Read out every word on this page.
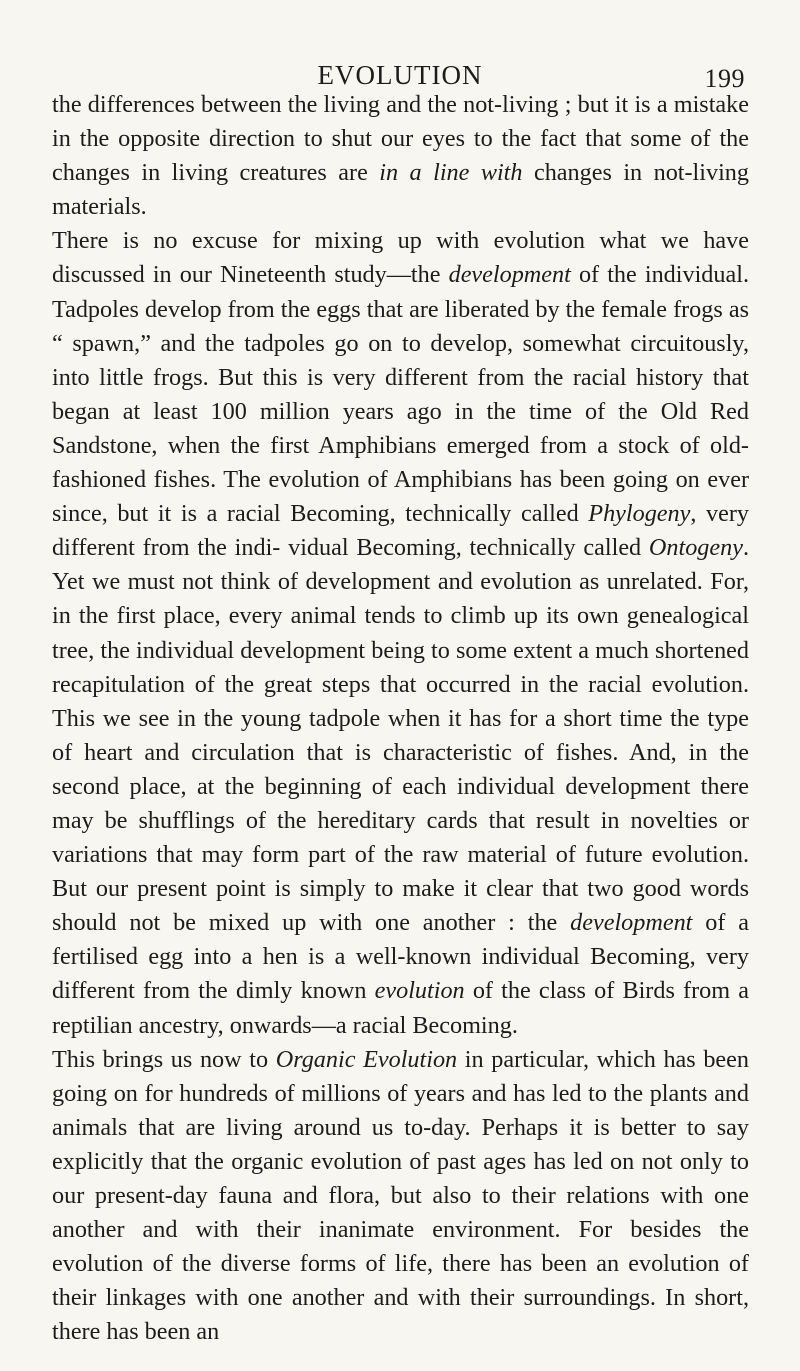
EVOLUTION	199

the differences between the living and the not-living ; but it is a mistake in the opposite direction to shut our eyes to the fact that some of the changes in living creatures are in a line with changes in not-living materials.

There is no excuse for mixing up with evolution what we have discussed in our Nineteenth study—the development of the individual. Tadpoles develop from the eggs that are liberated by the female frogs as “ spawn,” and the tadpoles go on to develop, somewhat circuitously, into little frogs. But this is very different from the racial history that began at least 100 million years ago in the time of the Old Red Sandstone, when the first Amphibians emerged from a stock of old-fashioned fishes. The evolution of Amphibians has been going on ever since, but it is a racial Becoming, technically called Phylogeny, very different from the indi- vidual Becoming, technically called Ontogeny. Yet we must not think of development and evolution as unrelated. For, in the first place, every animal tends to climb up its own genealogical tree, the individual development being to some extent a much shortened recapitulation of the great steps that occurred in the racial evolution. This we see in the young tadpole when it has for a short time the type of heart and circulation that is characteristic of fishes. And, in the second place, at the beginning of each individual development there may be shufflings of the hereditary cards that result in novelties or variations that may form part of the raw material of future evolution. But our present point is simply to make it clear that two good words should not be mixed up with one another : the development of a fertilised egg into a hen is a well-known individual Becoming, very different from the dimly known evolution of the class of Birds from a reptilian ancestry, onwards—a racial Becoming.

This brings us now to Organic Evolution in particular, which has been going on for hundreds of millions of years and has led to the plants and animals that are living around us to-day. Perhaps it is better to say explicitly that the organic evolution of past ages has led on not only to our present-day fauna and flora, but also to their relations with one another and with their inanimate environment. For besides the evolution of the diverse forms of life, there has been an evolution of their linkages with one another and with their surroundings. In short, there has been an
